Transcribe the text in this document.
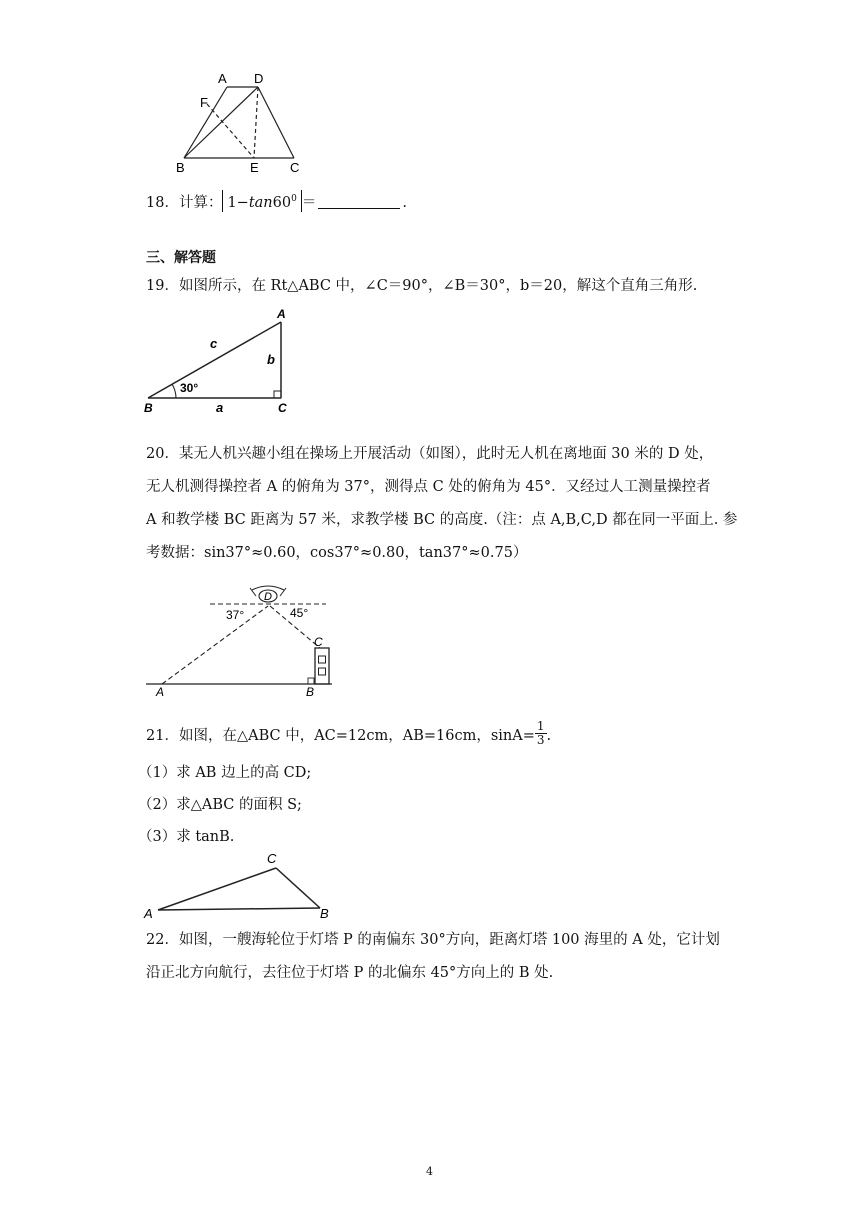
A D
F
B	E C
18．计算： $1-\tan 60^0$ ＝	.
三、解答题
19．如图所示，在 Rt△ABC 中，∠C＝90°，∠B＝30°，b＝20，解这个直角三角形.
A
c
b
30°
B	a	C
20．某无人机兴趣小组在操场上开展活动（如图），此时无人机在离地面 30 米的 D 处，
无人机测得操控者 A 的俯角为 37°，测得点 C 处的俯角为 45°．又经过人工测量操控者
A 和教学楼 BC 距离为 57 米，求教学楼 BC 的高度.（注：点 A,B,C,D 都在同一平面上. 参
考数据：sin37°≈0.60，cos37°≈0.80，tan37°≈0.75）
D
37°	45°
C
A	B
21．如图，在△ABC 中，AC=12cm，AB=16cm，$\sin A= \frac{1}{3}$ .
（1）求 AB 边上的高 CD;
（2）求△ABC 的面积 S;
（3）求 tanB.
C
A	B
22．如图，一艘海轮位于灯塔 P 的南偏东 30°方向，距离灯塔 100 海里的 A 处，它计划
沿正北方向航行，去往位于灯塔 P 的北偏东 45°方向上的 B 处.
4
